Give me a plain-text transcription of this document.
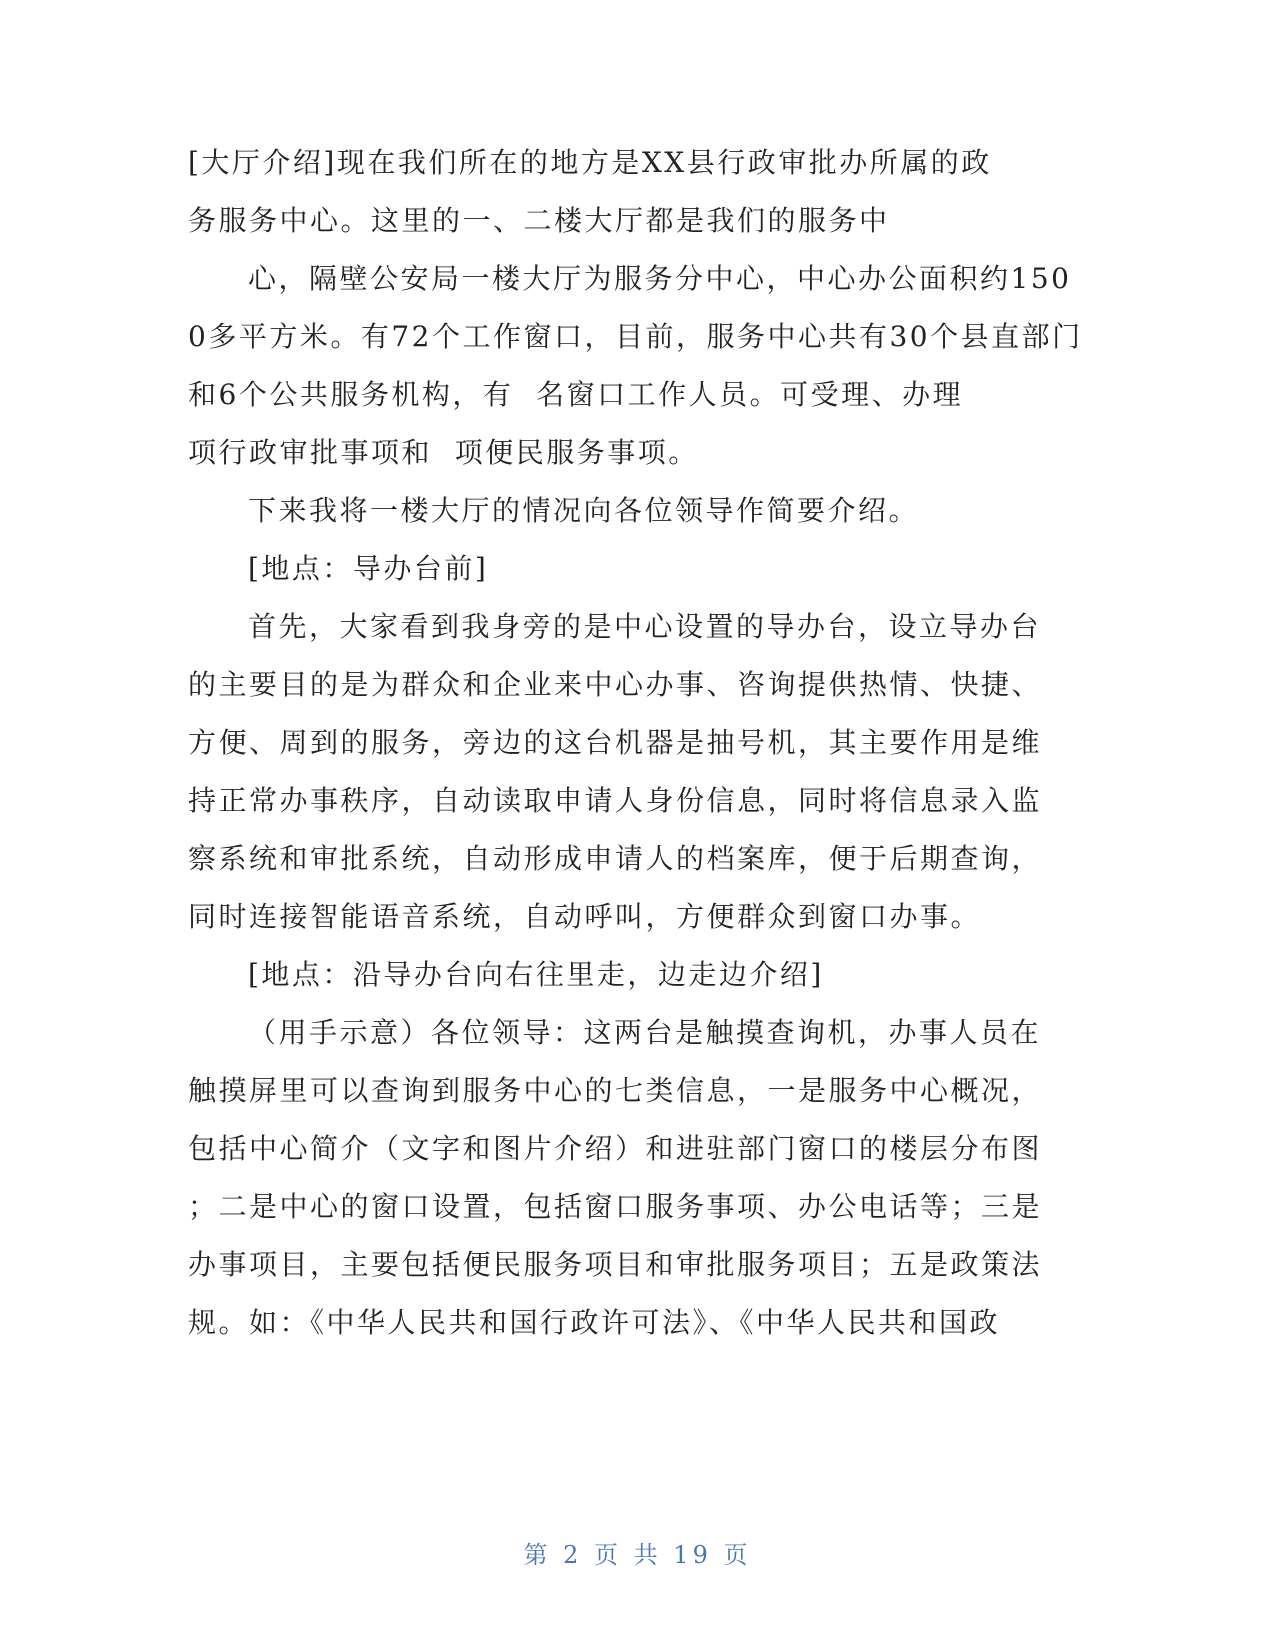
[大厅介绍]现在我们所在的地方是XX县行政审批办所属的政
务服务中心。这里的一、二楼大厅都是我们的服务中
心，隔壁公安局一楼大厅为服务分中心，中心办公面积约150
0多平方米。有72个工作窗口，目前，服务中心共有30个县直部门
和6个公共服务机构，有  名窗口工作人员。可受理、办理
项行政审批事项和  项便民服务事项。
下来我将一楼大厅的情况向各位领导作简要介绍。
[地点：导办台前]
首先，大家看到我身旁的是中心设置的导办台，设立导办台
的主要目的是为群众和企业来中心办事、咨询提供热情、快捷、
方便、周到的服务，旁边的这台机器是抽号机，其主要作用是维
持正常办事秩序，自动读取申请人身份信息，同时将信息录入监
察系统和审批系统，自动形成申请人的档案库，便于后期查询，
同时连接智能语音系统，自动呼叫，方便群众到窗口办事。
[地点：沿导办台向右往里走，边走边介绍]
（用手示意）各位领导：这两台是触摸查询机，办事人员在
触摸屏里可以查询到服务中心的七类信息，一是服务中心概况，
包括中心简介（文字和图片介绍）和进驻部门窗口的楼层分布图
；二是中心的窗口设置，包括窗口服务事项、办公电话等；三是
办事项目，主要包括便民服务项目和审批服务项目；五是政策法
规。如：《中华人民共和国行政许可法》、《中华人民共和国政
第 2 页 共 19 页
